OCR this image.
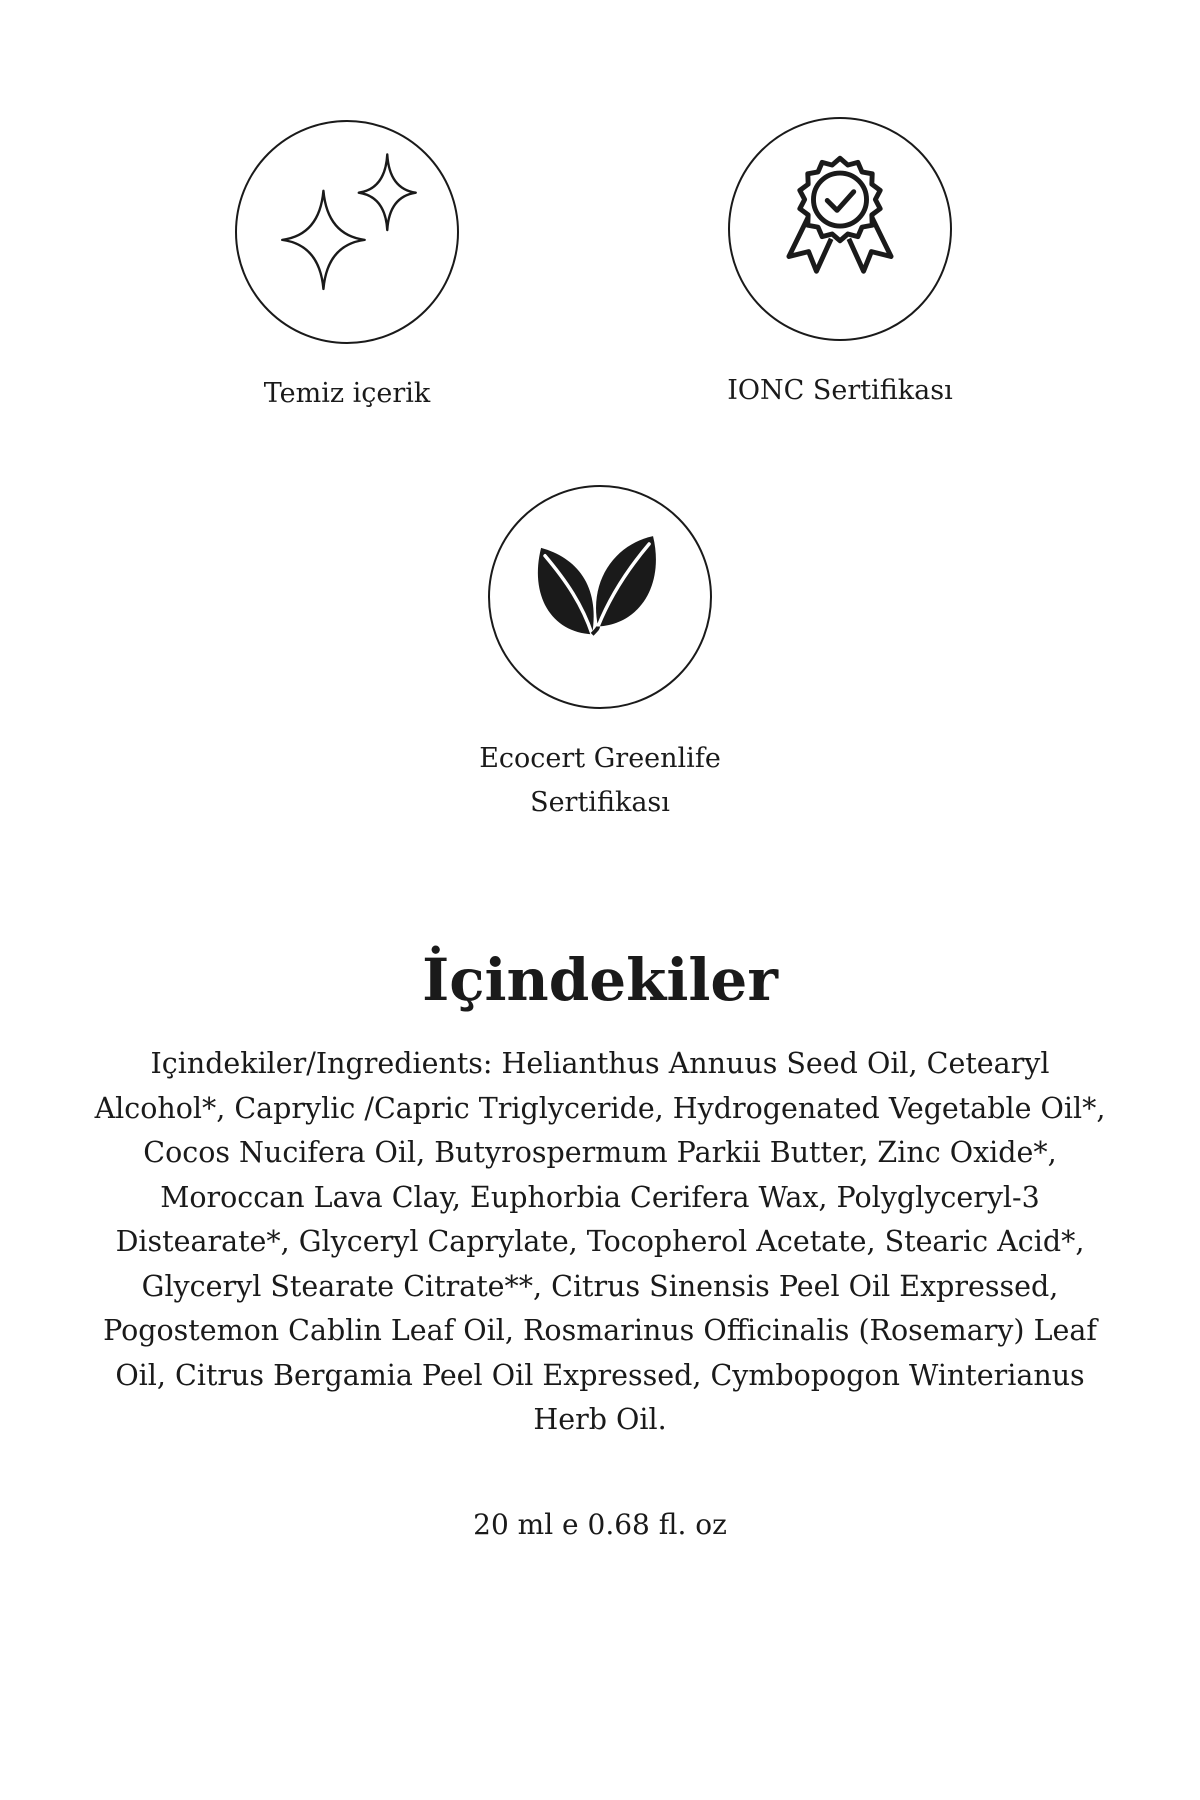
Temiz içerik	IONC Sertifikası
Ecocert Greenlife
Sertifikası
İçindekiler

Içindekiler/Ingredients: Helianthus Annuus Seed Oil, Cetearyl Alcohol*, Caprylic /Capric Triglyceride, Hydrogenated Vegetable Oil*, Cocos Nucifera Oil, Butyrospermum Parkii Butter, Zinc Oxide*, Moroccan Lava Clay, Euphorbia Cerifera Wax, Polyglyceryl-3 Distearate*, Glyceryl Caprylate, Tocopherol Acetate, Stearic Acid*, Glyceryl Stearate Citrate**, Citrus Sinensis Peel Oil Expressed, Pogostemon Cablin Leaf Oil, Rosmarinus Officinalis (Rosemary) Leaf Oil, Citrus Bergamia Peel Oil Expressed, Cymbopogon Winterianus Herb Oil.

20 ml e 0.68 fl. oz
